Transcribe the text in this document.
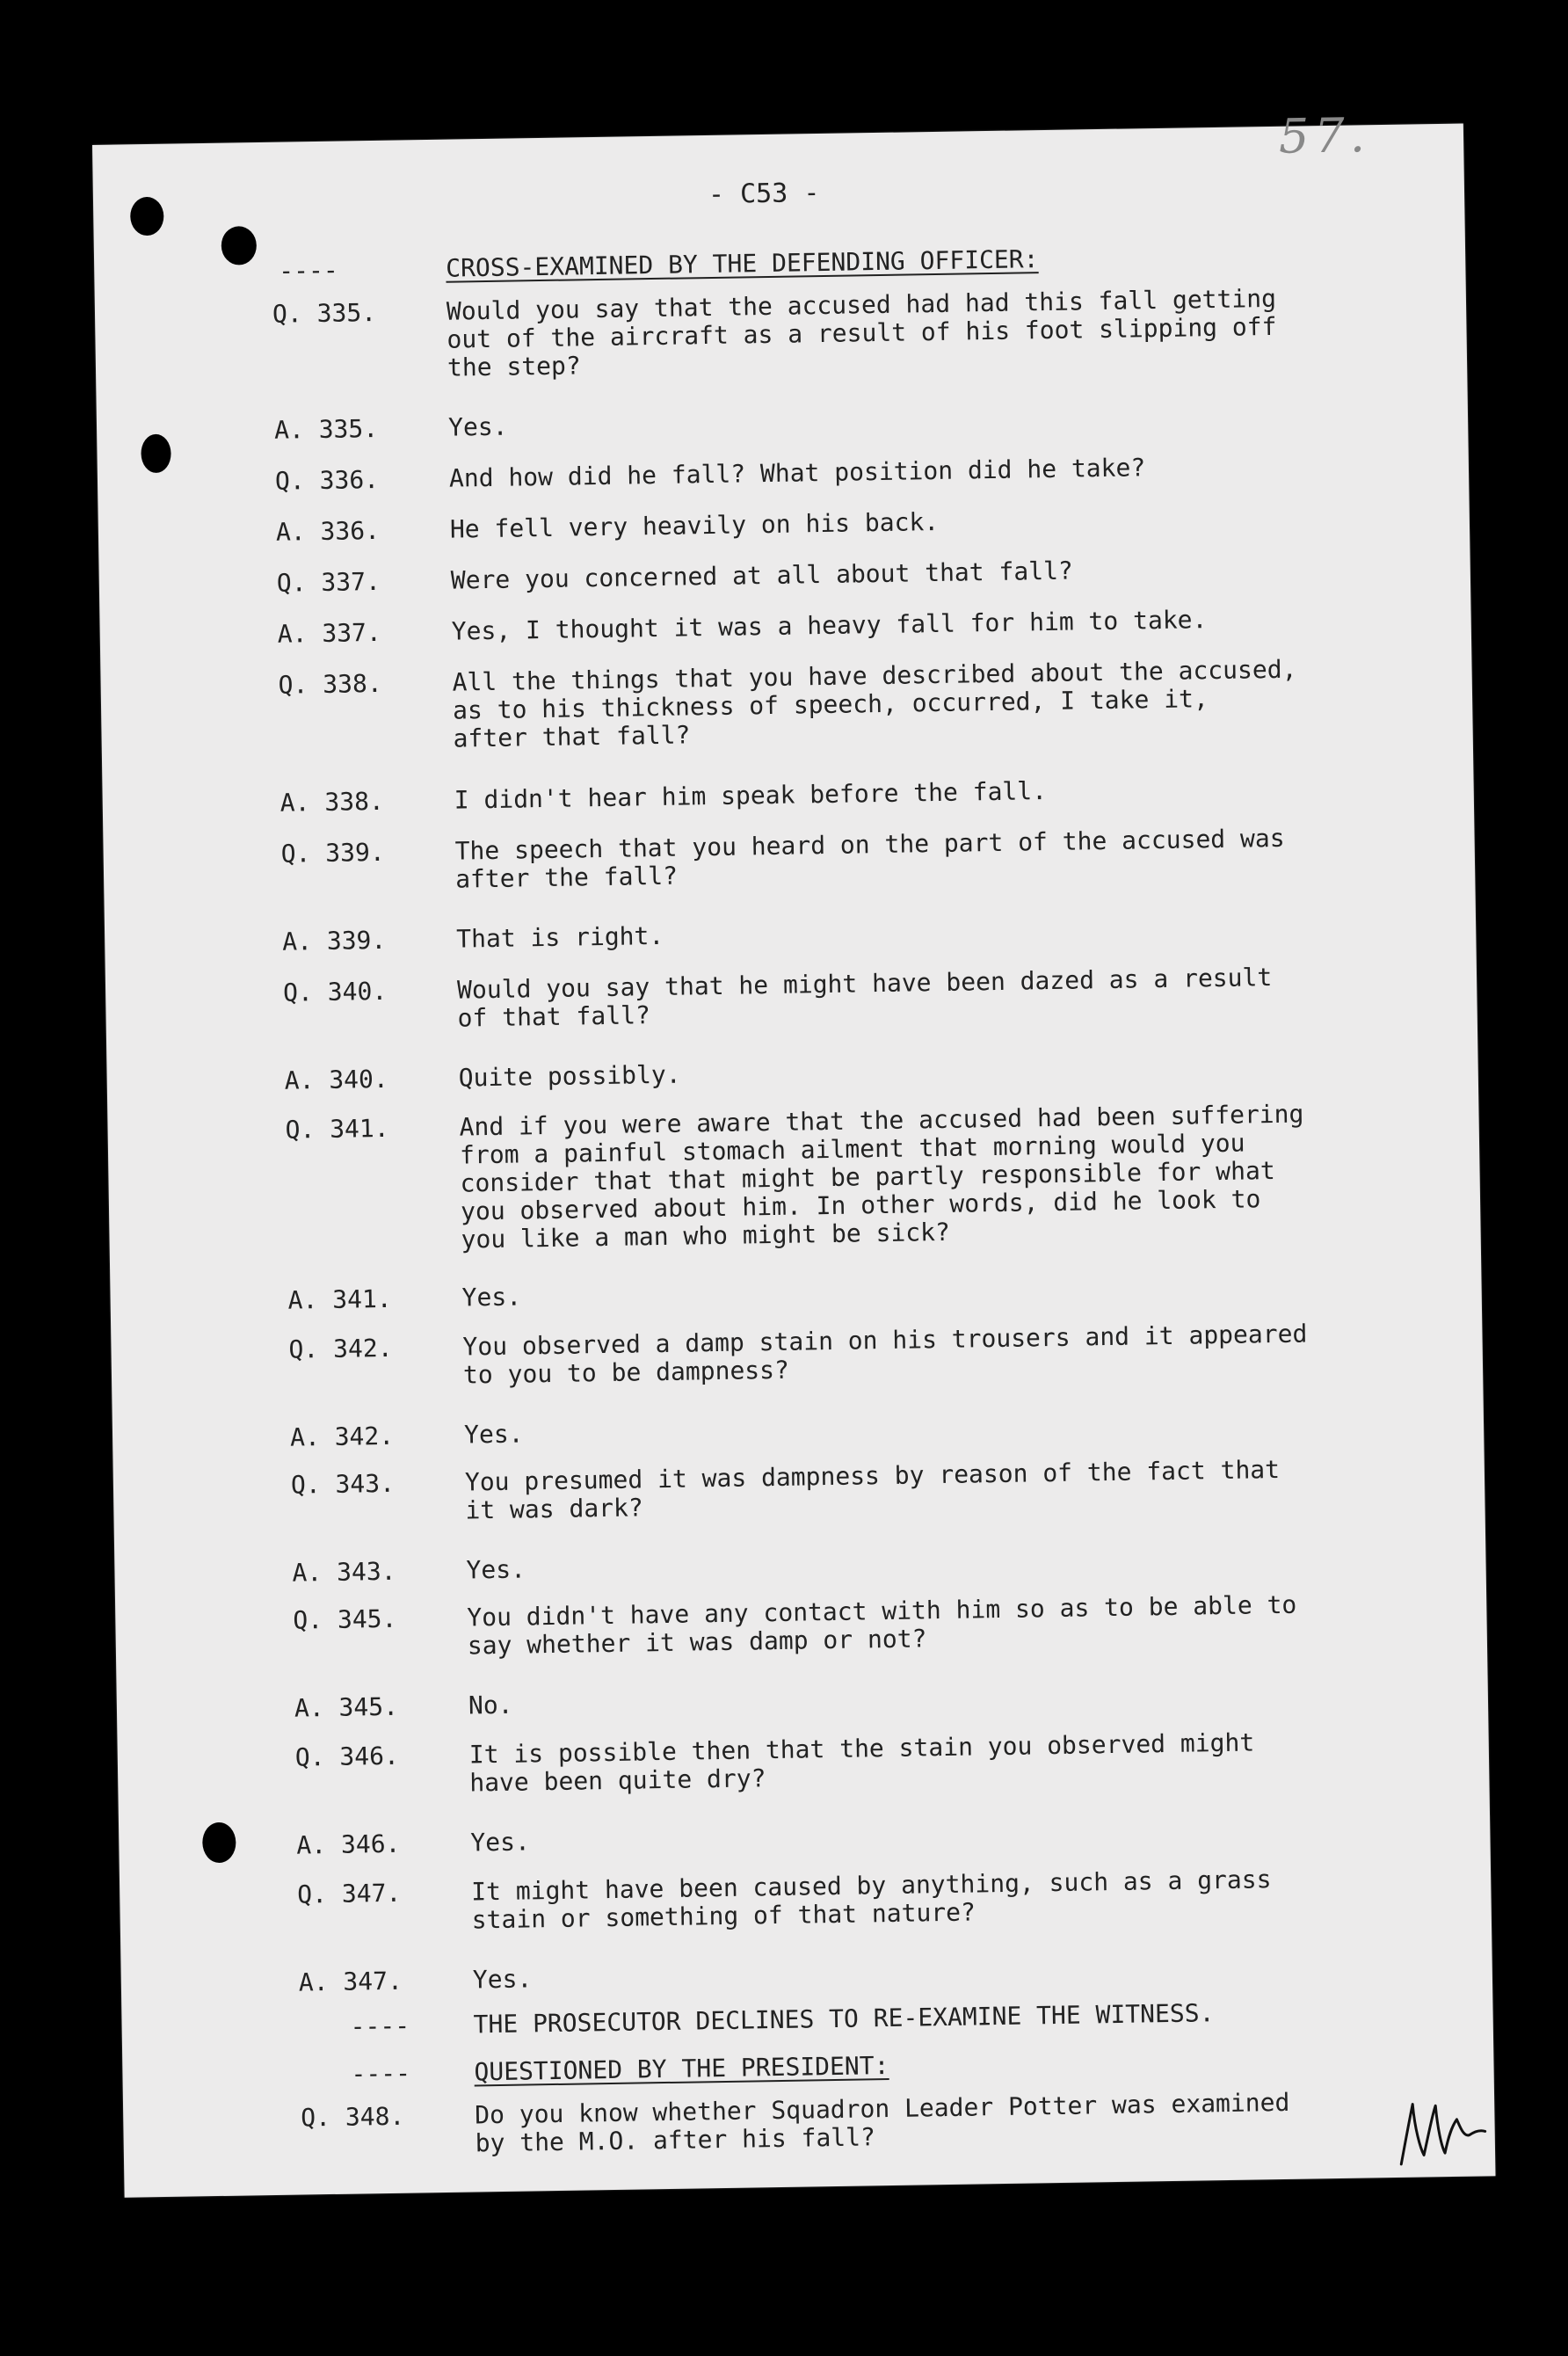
57.
- C53 -
----	CROSS-EXAMINED BY THE DEFENDING OFFICER:
Q. 335.	Would you say that the accused had had this fall getting
out of the aircraft as a result of his foot slipping off
the step?
A. 335.	Yes.
Q. 336.	And how did he fall? What position did he take?
A. 336.	He fell very heavily on his back.
Q. 337.	Were you concerned at all about that fall?
A. 337.	Yes, I thought it was a heavy fall for him to take.
Q. 338.	All the things that you have described about the accused,
as to his thickness of speech, occurred, I take it,
after that fall?
A. 338.	I didn't hear him speak before the fall.
Q. 339.	The speech that you heard on the part of the accused was
after the fall?
A. 339.	That is right.
Q. 340.	Would you say that he might have been dazed as a result
of that fall?
A. 340.	Quite possibly.
Q. 341.	And if you were aware that the accused had been suffering
from a painful stomach ailment that morning would you
consider that that might be partly responsible for what
you observed about him. In other words, did he look to
you like a man who might be sick?
A. 341.	Yes.
Q. 342.	You observed a damp stain on his trousers and it appeared
to you to be dampness?
A. 342.	Yes.
Q. 343.	You presumed it was dampness by reason of the fact that
it was dark?
A. 343.	Yes.
Q. 345.	You didn't have any contact with him so as to be able to
say whether it was damp or not?
A. 345.	No.
Q. 346.	It is possible then that the stain you observed might
have been quite dry?
A. 346.	Yes.
Q. 347.	It might have been caused by anything, such as a grass
stain or something of that nature?
A. 347.	Yes.
----	THE PROSECUTOR DECLINES TO RE-EXAMINE THE WITNESS.
----	QUESTIONED BY THE PRESIDENT:
Q. 348.	Do you know whether Squadron Leader Potter was examined
by the M.O. after his fall?
